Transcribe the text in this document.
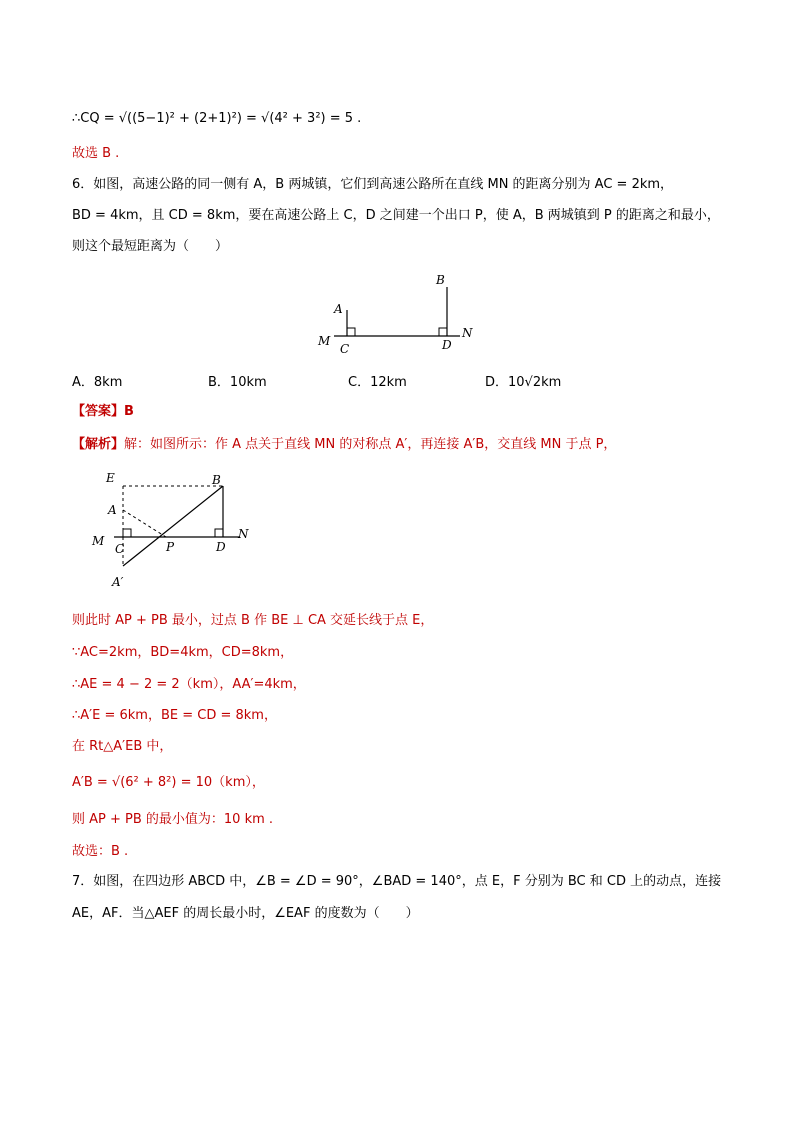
∴CQ = √((5−1)² + (2+1)²) = √(4² + 3²) = 5 .
故选 B .
6．如图，高速公路的同一侧有 A，B 两城镇，它们到高速公路所在直线 MN 的距离分别为 AC = 2km，
BD = 4km，且 CD = 8km，要在高速公路上 C，D 之间建一个出口 P，使 A，B 两城镇到 P 的距离之和最小，
则这个最短距离为（　　）
A
B
M
C	D
N
A．8km	B．10km	C．12km	D．10√2km
【答案】B
【解析】解：如图所示：作 A 点关于直线 MN 的对称点 A′，再连接 A′B，交直线 MN 于点 P，
E	B
A
M
C	P	D
N
A′
则此时 AP + PB 最小，过点 B 作 BE ⊥ CA 交延长线于点 E，
∵AC=2km，BD=4km，CD=8km，
∴AE = 4 − 2 = 2（km），AA′=4km，
∴A′E = 6km，BE = CD = 8km，
在 Rt△A′EB 中，
A′B = √(6² + 8²) = 10（km），
则 AP + PB 的最小值为：10 km .
故选：B .
7．如图，在四边形 ABCD 中，∠B = ∠D = 90°，∠BAD = 140°，点 E，F 分别为 BC 和 CD 上的动点，连接
AE，AF．当△AEF 的周长最小时，∠EAF 的度数为（　　）
